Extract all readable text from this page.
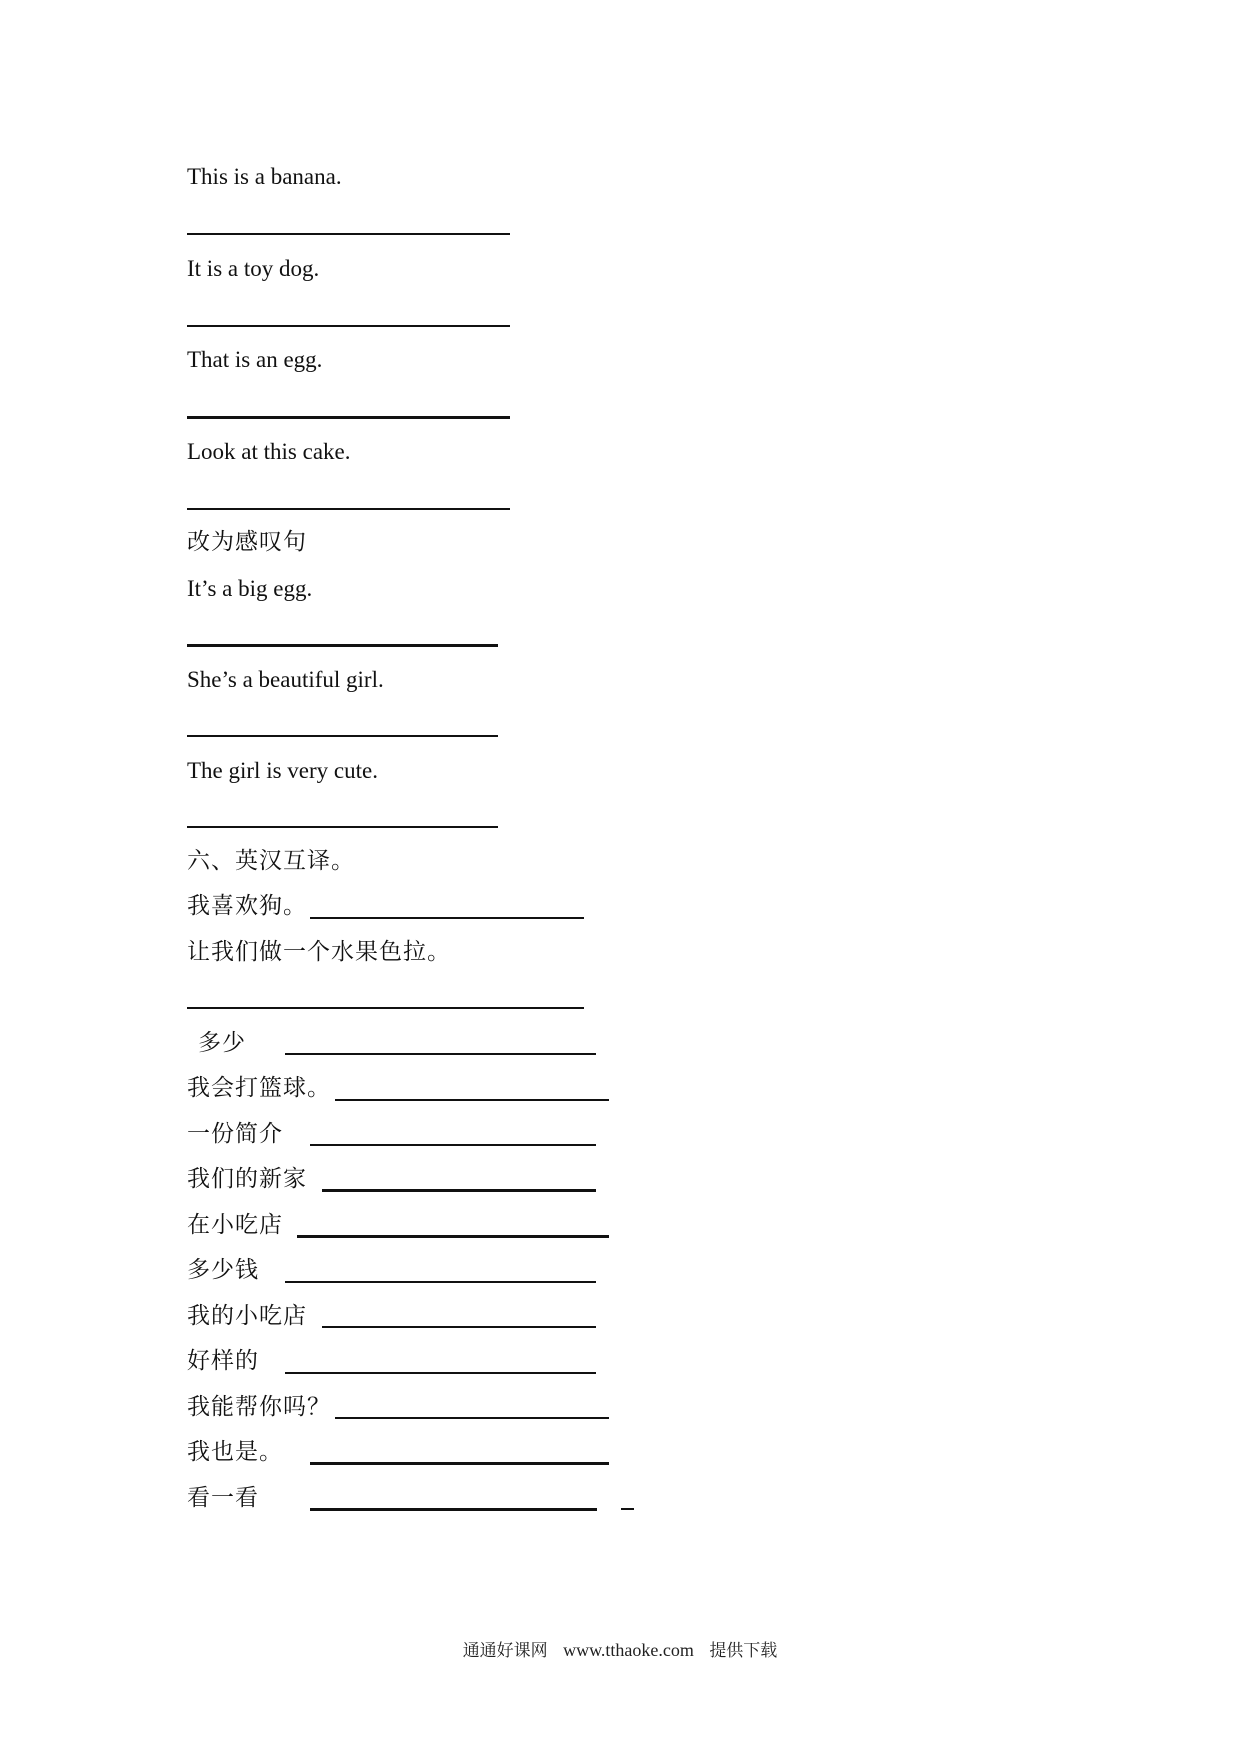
This is a banana.
It is a toy dog.
That is an egg.
Look at this cake.
改为感叹句
It’s a big egg.
She’s a beautiful girl.
The girl is very cute.
六、英汉互译。
我喜欢狗。
让我们做一个水果色拉。
多少
我会打篮球。
一份简介
我们的新家
在小吃店
多少钱
我的小吃店
好样的
我能帮你吗？
我也是。
看一看
通通好课网 www.tthaoke.com 提供下载
